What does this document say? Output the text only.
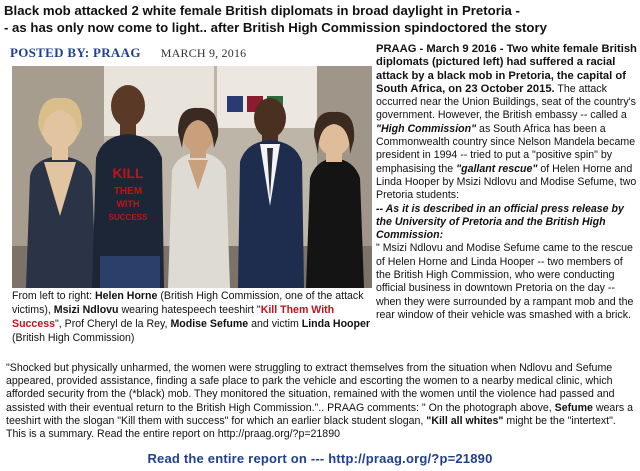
Black mob attacked 2 white female British diplomats in broad daylight in Pretoria -
- as has only now come to light.. after British High Commission spindoctored the story
POSTED BY: PRAAG MARCH 9, 2016
KILL
THEM
WITH
SUCCESS
From left to right: Helen Horne (British High Commission, one of the attack victims), Msizi Ndlovu wearing hatespeech teeshirt "Kill Them With Success", Prof Cheryl de la Rey, Modise Sefume and victim Linda Hooper (British High Commission)
PRAAG - March 9 2016 - Two white female British diplomats (pictured left) had suffered a racial attack by a black mob in Pretoria, the capital of South Africa, on 23 October 2015. The attack occurred near the Union Buildings, seat of the country's government. However, the British embassy -- called a "High Commission" as South Africa has been a Commonwealth country since Nelson Mandela became president in 1994 -- tried to put a "positive spin" by emphasising the "gallant rescue" of Helen Horne and Linda Hooper by Msizi Ndlovu and Modise Sefume, two Pretoria students:
-- As it is described in an official press release by the University of Pretoria and the British High Commission:
" Msizi Ndlovu and Modise Sefume came to the rescue of Helen Horne and Linda Hooper -- two members of the British High Commission, who were conducting official business in downtown Pretoria on the day -- when they were surrounded by a rampant mob and the rear window of their vehicle was smashed with a brick.
"Shocked but physically unharmed, the women were struggling to extract themselves from the situation when Ndlovu and Sefume appeared, provided assistance, finding a safe place to park the vehicle and escorting the women to a nearby medical clinic, which afforded security from the (*black) mob. They monitored the situation, remained with the women until the violence had passed and assisted with their eventual return to the British High Commission.".. PRAAG comments: " On the photograph above, Sefume wears a teeshirt with the slogan "Kill them with success" for which an earlier black student slogan, "Kill all whites" might be the "intertext". This is a summary. Read the entire report on http://praag.org/?p=21890
Read the entire report on --- http://praag.org/?p=21890
